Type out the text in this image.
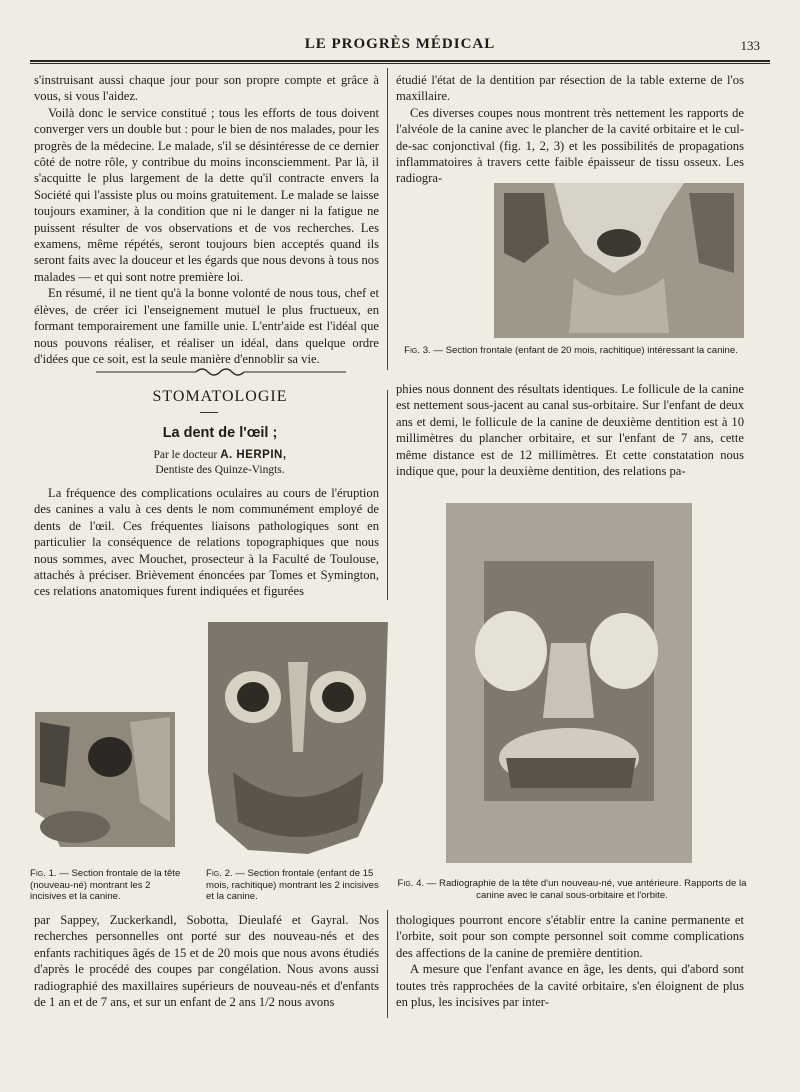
LE PROGRÈS MÉDICAL	133

s'instruisant aussi chaque jour pour son propre compte et grâce à vous, si vous l'aidez.

Voilà donc le service constitué ; tous les efforts de tous doivent converger vers un double but : pour le bien de nos malades, pour les progrès de la médecine. Le malade, s'il se désintéresse de ce dernier côté de notre rôle, y contribue du moins inconsciemment. Par là, il s'acquitte le plus largement de la dette qu'il contracte envers la Société qui l'assiste plus ou moins gratuitement. Le malade se laisse toujours examiner, à la condition que ni le danger ni la fatigue ne puissent résulter de vos observations et de vos recherches. Les examens, même répétés, seront toujours bien acceptés quand ils seront faits avec la douceur et les égards que nous devons à tous nos malades — et qui sont notre première loi.

En résumé, il ne tient qu'à la bonne volonté de nous tous, chef et élèves, de créer ici l'enseignement mutuel le plus fructueux, en formant temporairement une famille unie. L'entr'aide est l'idéal que nous pouvons réaliser, et réaliser un idéal, dans quelque ordre d'idées que ce soit, est la seule manière d'ennoblir sa vie.

STOMATOLOGIE
La dent de l'œil ;
Par le docteur A. HERPIN,
Dentiste des Quinze-Vingts.

La fréquence des complications oculaires au cours de l'éruption des canines a valu à ces dents le nom communément employé de dents de l'œil. Ces fréquentes liaisons pathologiques sont en particulier la conséquence de relations topographiques que nous nous sommes, avec Mouchet, prosecteur à la Faculté de Toulouse, attachés à préciser. Brièvement énoncées par Tomes et Symington, ces relations anatomiques furent indiquées et figurées

étudié l'état de la dentition par résection de la table externe de l'os maxillaire.

Ces diverses coupes nous montrent très nettement les rapports de l'alvéole de la canine avec le plancher de la cavité orbitaire et le cul-de-sac conjonctival (fig. 1, 2, 3) et les possibilités de propagations inflammatoires à travers cette faible épaisseur de tissu osseux. Les radiogra-

Fig. 3. — Section frontale (enfant de 20 mois, rachitique) intéressant la canine.

phies nous donnent des résultats identiques. Le follicule de la canine est nettement sous-jacent au canal sus-orbitaire. Sur l'enfant de deux ans et demi, le follicule de la canine de deuxième dentition est à 10 millimètres du plancher orbitaire, et sur l'enfant de 7 ans, cette même distance est de 12 millimètres. Et cette constatation nous indique que, pour la deuxième dentition, des relations pa-

Fig. 1. — Section frontale de la tête (nouveau-né) montrant les 2 incisives et la canine.
Fig. 2. — Section frontale (enfant de 15 mois, rachitique) montrant les 2 incisives et la canine.
Fig. 4. — Radiographie de la tête d'un nouveau-né, vue antérieure. Rapports de la canine avec le canal sous-orbitaire et l'orbite.

par Sappey, Zuckerkandl, Sobotta, Dieulafé et Gayral. Nos recherches personnelles ont porté sur des nouveau-nés et des enfants rachitiques âgés de 15 et de 20 mois que nous avons étudiés d'après le procédé des coupes par congélation. Nous avons aussi radiographié des maxillaires supérieurs de nouveau-nés et d'enfants de 1 an et de 7 ans, et sur un enfant de 2 ans 1/2 nous avons

thologiques pourront encore s'établir entre la canine permanente et l'orbite, soit pour son compte personnel soit comme complications des affections de la canine de première dentition.

A mesure que l'enfant avance en âge, les dents, qui d'abord sont toutes très rapprochées de la cavité orbitaire, s'en éloignent de plus en plus, les incisives par inter-
